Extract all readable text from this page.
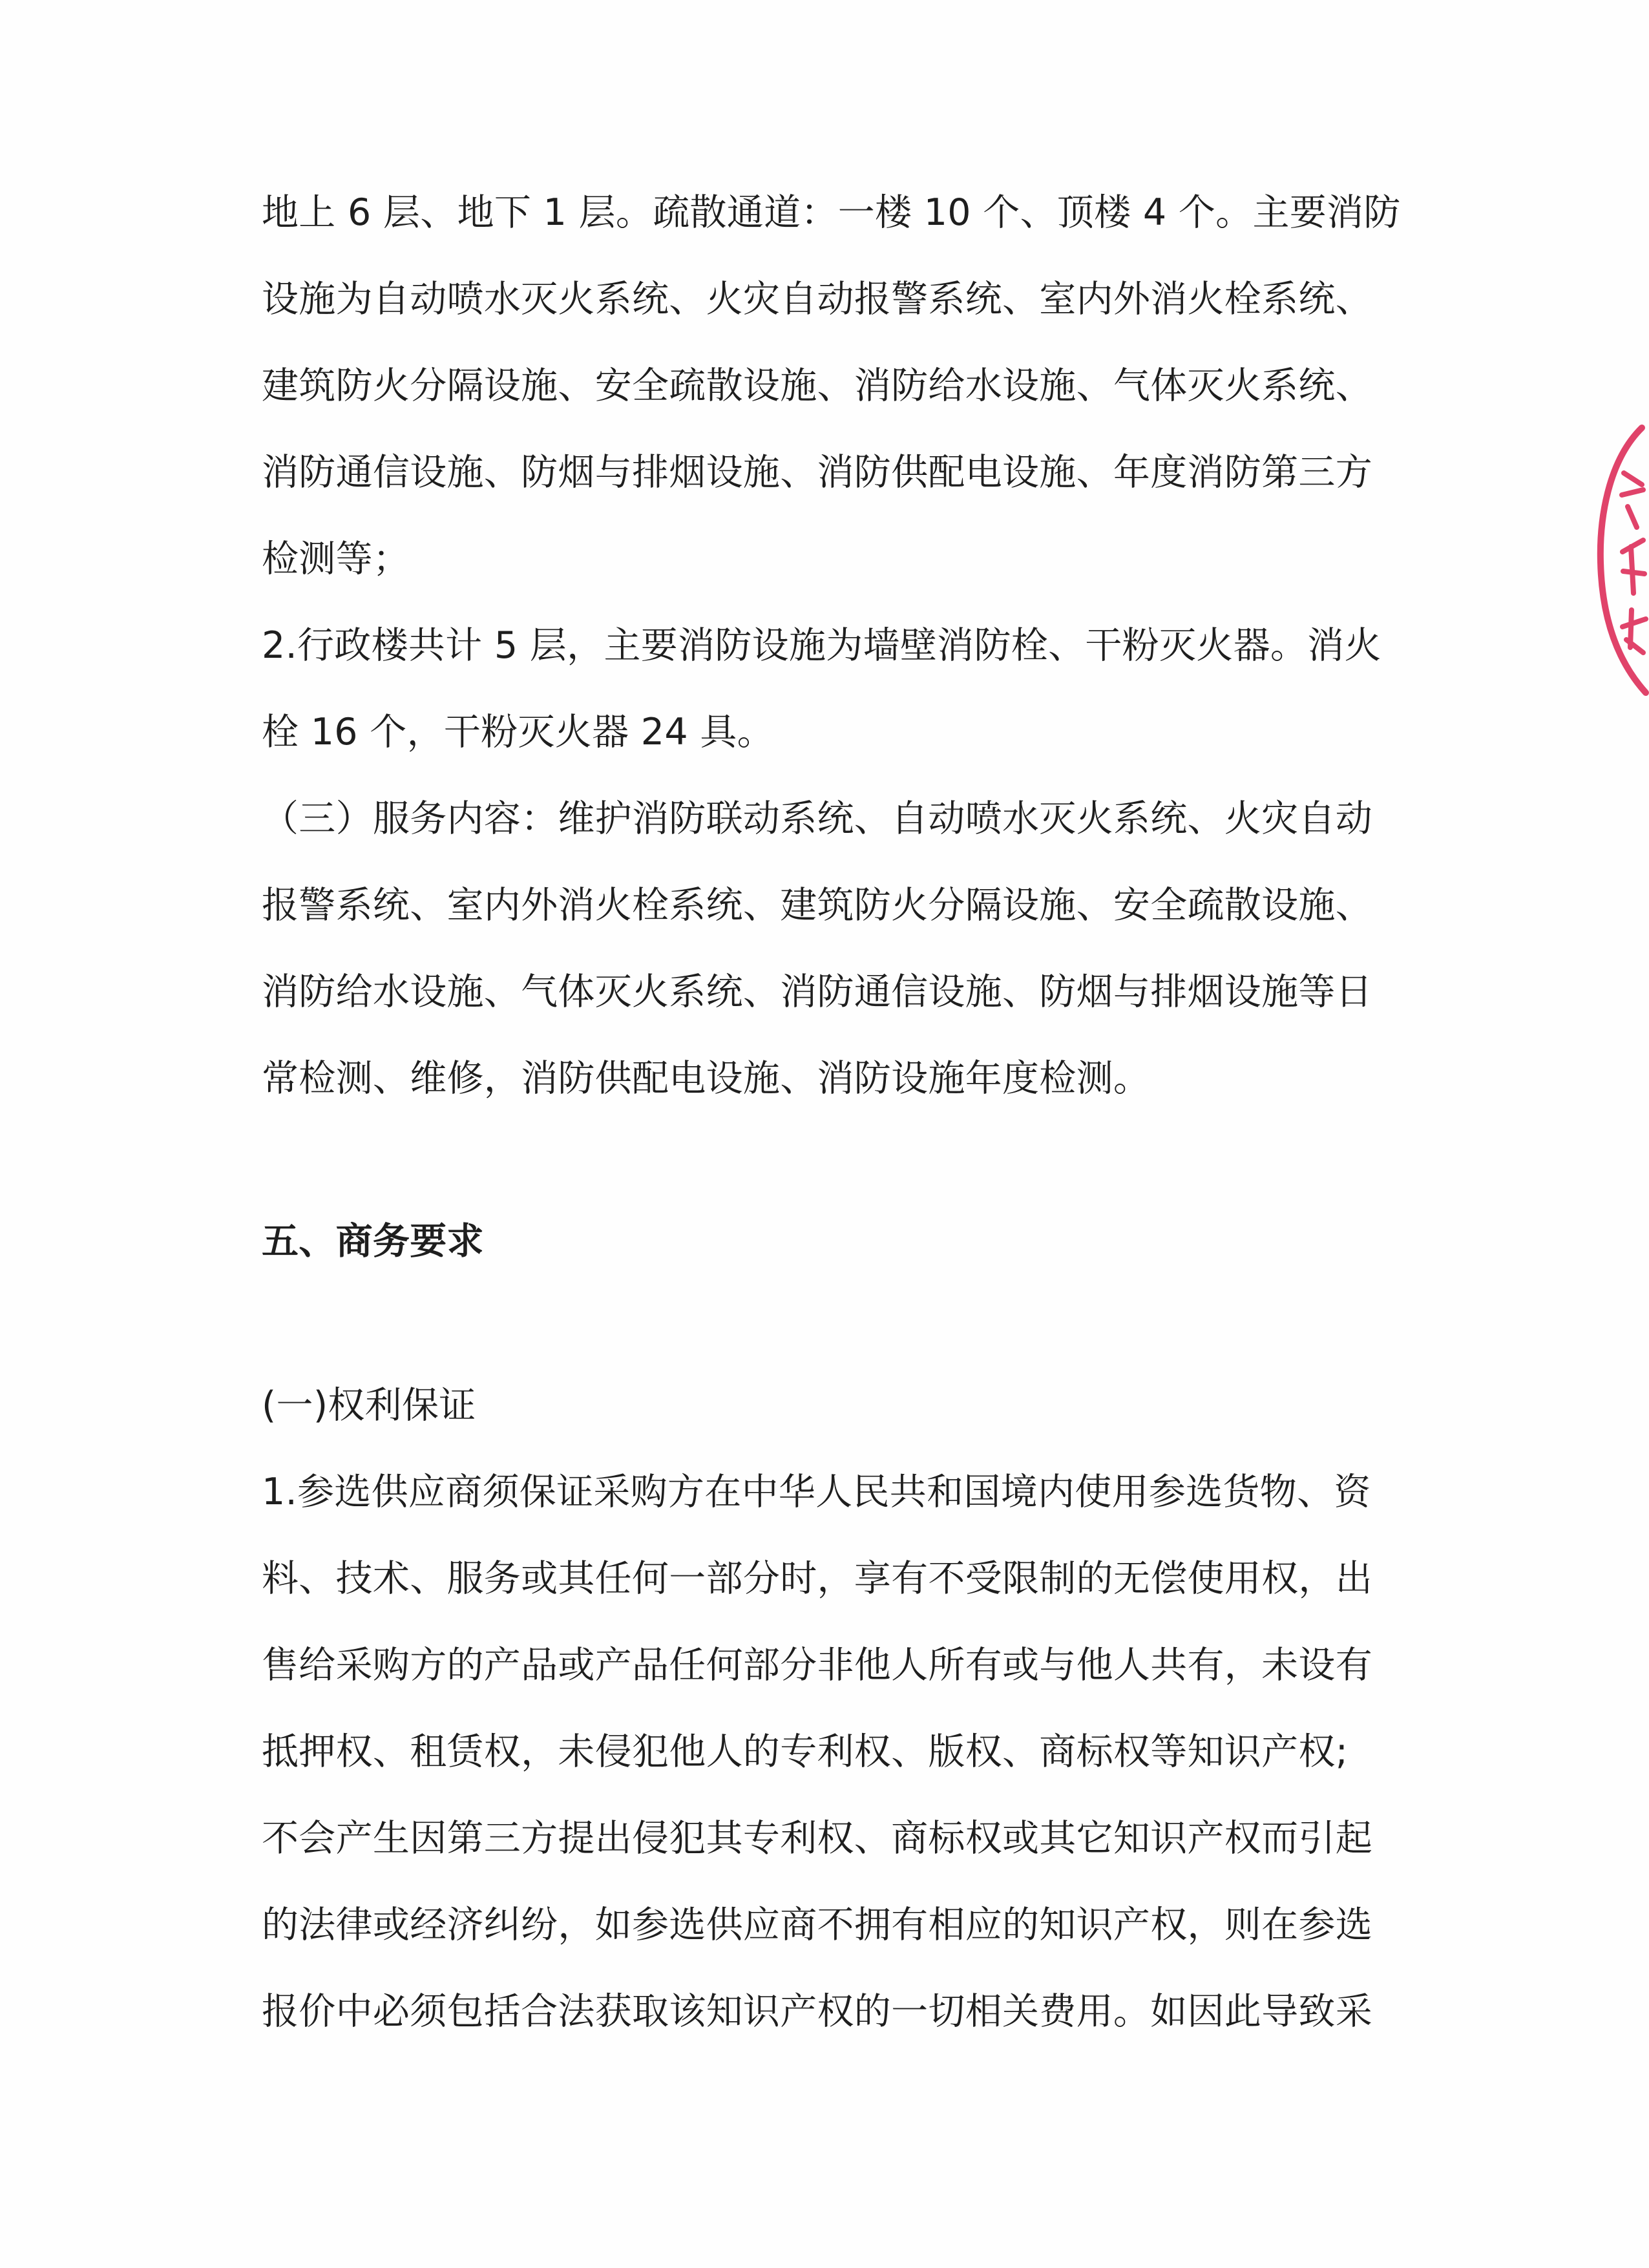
地上 6 层、地下 1 层。疏散通道：一楼 10 个、顶楼 4 个。主要消防
设施为自动喷水灭火系统、火灾自动报警系统、室内外消火栓系统、
建筑防火分隔设施、安全疏散设施、消防给水设施、气体灭火系统、
消防通信设施、防烟与排烟设施、消防供配电设施、年度消防第三方
检测等；
2.行政楼共计 5 层，主要消防设施为墙壁消防栓、干粉灭火器。消火
栓 16 个，干粉灭火器 24 具。
（三）服务内容：维护消防联动系统、自动喷水灭火系统、火灾自动
报警系统、室内外消火栓系统、建筑防火分隔设施、安全疏散设施、
消防给水设施、气体灭火系统、消防通信设施、防烟与排烟设施等日
常检测、维修，消防供配电设施、消防设施年度检测。
五、商务要求
(一)权利保证
1.参选供应商须保证采购方在中华人民共和国境内使用参选货物、资
料、技术、服务或其任何一部分时，享有不受限制的无偿使用权，出
售给采购方的产品或产品任何部分非他人所有或与他人共有，未设有
抵押权、租赁权，未侵犯他人的专利权、版权、商标权等知识产权;
不会产生因第三方提出侵犯其专利权、商标权或其它知识产权而引起
的法律或经济纠纷，如参选供应商不拥有相应的知识产权，则在参选
报价中必须包括合法获取该知识产权的一切相关费用。如因此导致采
